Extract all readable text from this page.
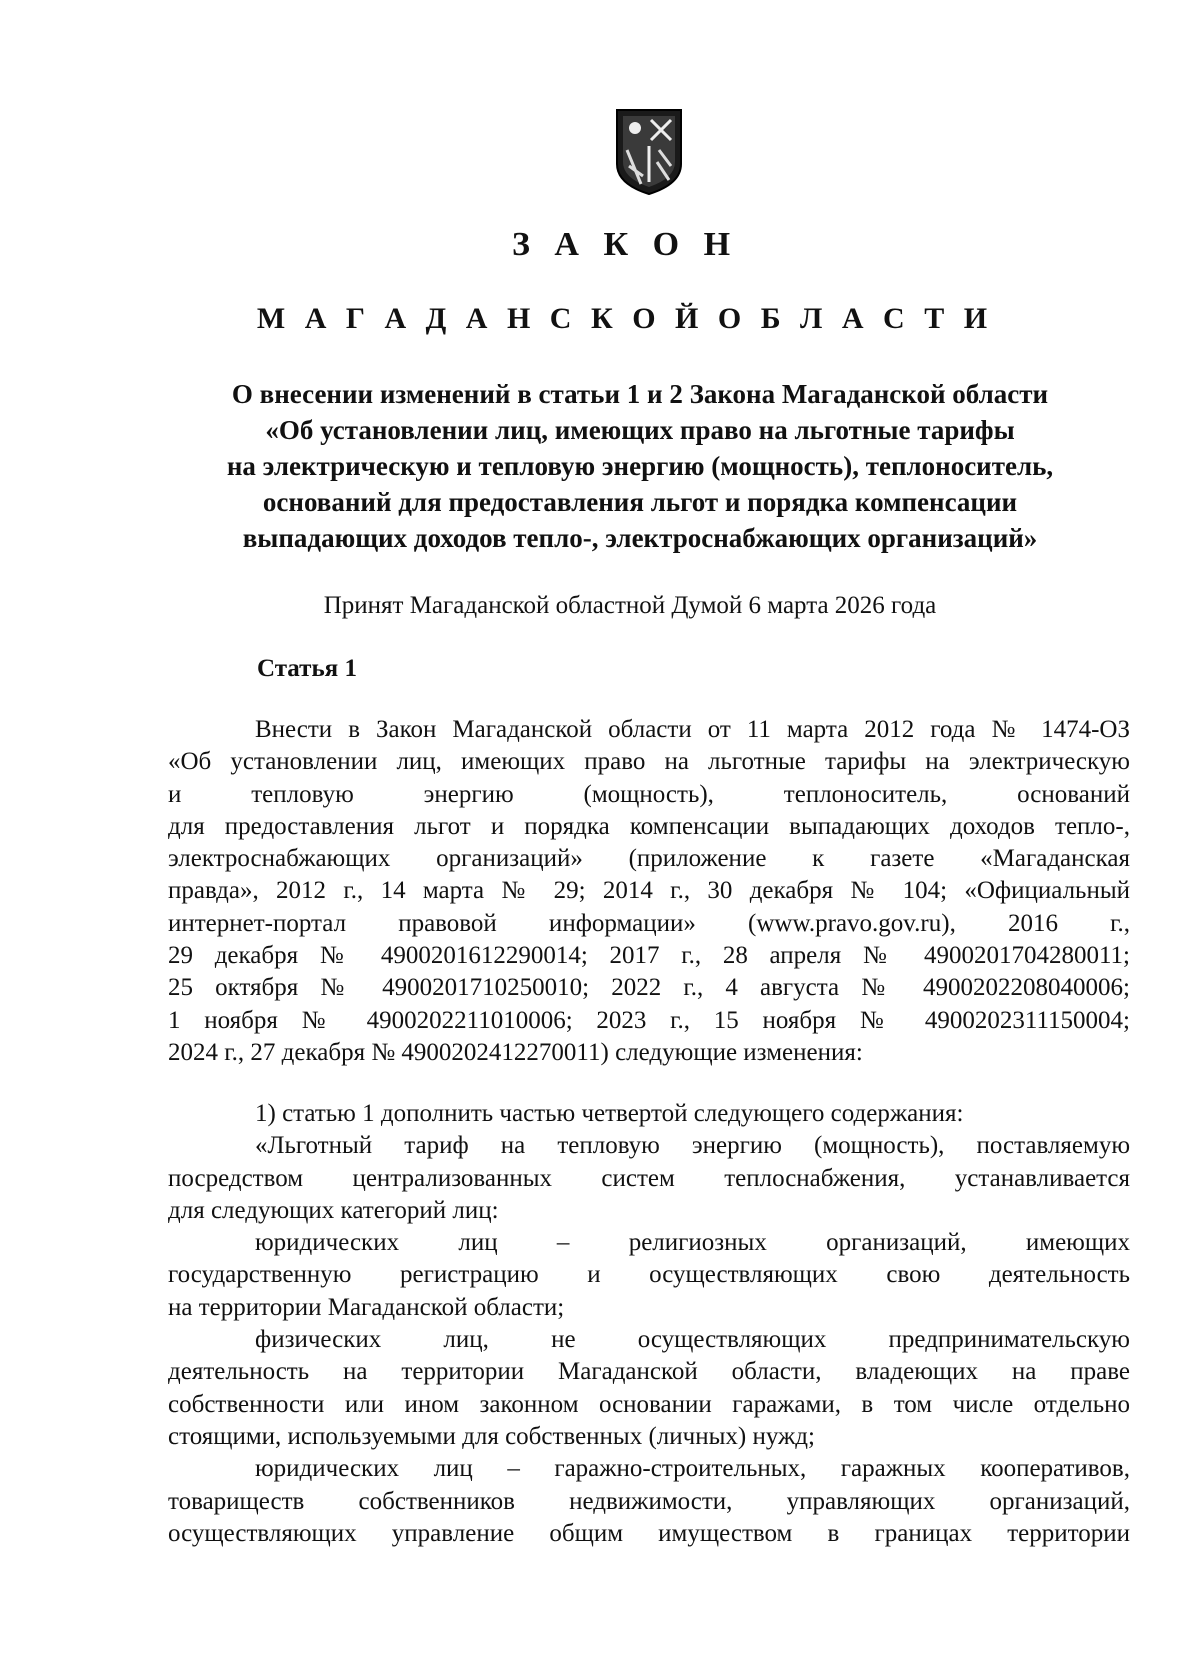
З А К О Н
М А Г А Д А Н С К О Й О Б Л А С Т И
О внесении изменений в статьи 1 и 2 Закона Магаданской области
«Об установлении лиц, имеющих право на льготные тарифы
на электрическую и тепловую энергию (мощность), теплоноситель,
оснований для предоставления льгот и порядка компенсации
выпадающих доходов тепло-, электроснабжающих организаций»
Принят Магаданской областной Думой 6 марта 2026 года
Статья 1
Внести в Закон Магаданской области от 11 марта 2012 года № 1474-ОЗ
«Об установлении лиц, имеющих право на льготные тарифы на электрическую
и тепловую энергию (мощность), теплоноситель, оснований
для предоставления льгот и порядка компенсации выпадающих доходов тепло-,
электроснабжающих организаций» (приложение к газете «Магаданская
правда», 2012 г., 14 марта № 29; 2014 г., 30 декабря № 104; «Официальный
интернет-портал правовой информации» (www.pravo.gov.ru), 2016 г.,
29 декабря № 4900201612290014; 2017 г., 28 апреля № 4900201704280011;
25 октября № 4900201710250010; 2022 г., 4 августа № 4900202208040006;
1 ноября № 4900202211010006; 2023 г., 15 ноября № 4900202311150004;
2024 г., 27 декабря № 4900202412270011) следующие изменения:
1) статью 1 дополнить частью четвертой следующего содержания:
«Льготный тариф на тепловую энергию (мощность), поставляемую
посредством централизованных систем теплоснабжения, устанавливается
для следующих категорий лиц:
юридических лиц – религиозных организаций, имеющих
государственную регистрацию и осуществляющих свою деятельность
на территории Магаданской области;
физических лиц, не осуществляющих предпринимательскую
деятельность на территории Магаданской области, владеющих на праве
собственности или ином законном основании гаражами, в том числе отдельно
стоящими, используемыми для собственных (личных) нужд;
юридических лиц – гаражно-строительных, гаражных кооперативов,
товариществ собственников недвижимости, управляющих организаций,
осуществляющих управление общим имуществом в границах территории
